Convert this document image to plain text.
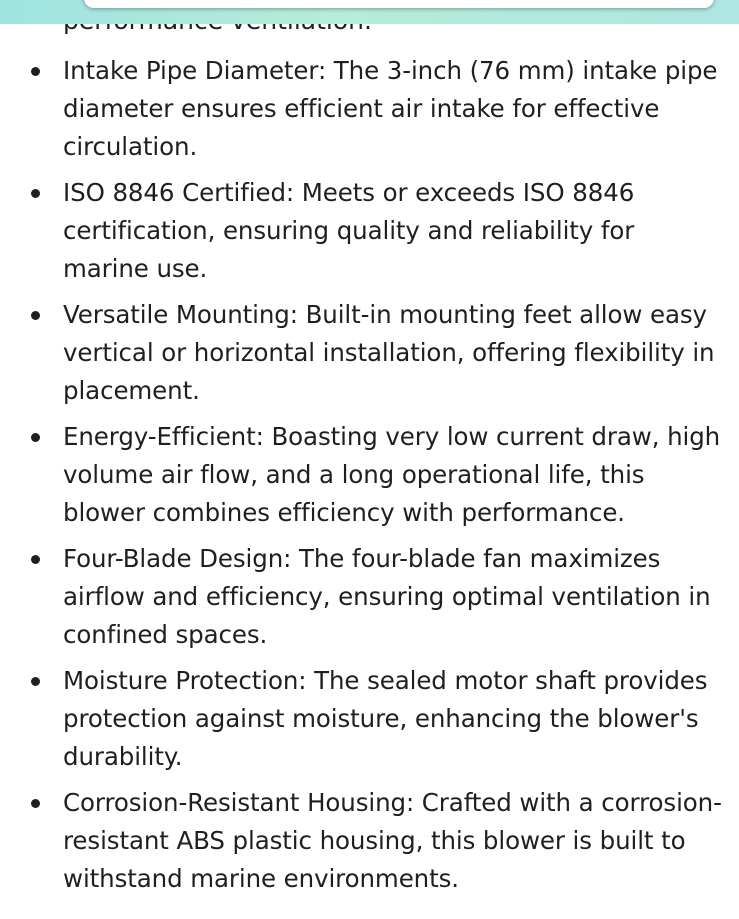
Intake Pipe Diameter: The 3-inch (76 mm) intake pipe diameter ensures efficient air intake for effective circulation.
ISO 8846 Certified: Meets or exceeds ISO 8846 certification, ensuring quality and reliability for marine use.
Versatile Mounting: Built-in mounting feet allow easy vertical or horizontal installation, offering flexibility in placement.
Energy-Efficient: Boasting very low current draw, high volume air flow, and a long operational life, this blower combines efficiency with performance.
Four-Blade Design: The four-blade fan maximizes airflow and efficiency, ensuring optimal ventilation in confined spaces.
Moisture Protection: The sealed motor shaft provides protection against moisture, enhancing the blower's durability.
Corrosion-Resistant Housing: Crafted with a corrosion-resistant ABS plastic housing, this blower is built to withstand marine environments.
